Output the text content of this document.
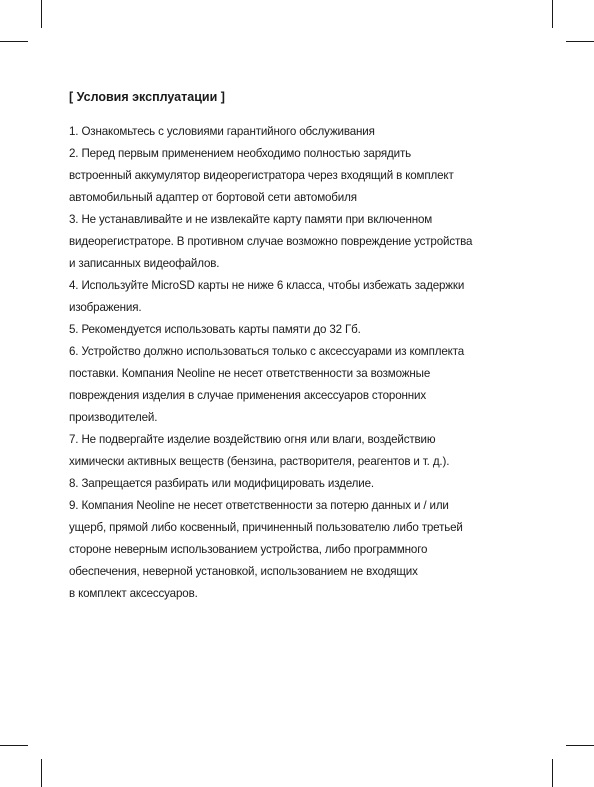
[ Условия эксплуатации ]

1. Ознакомьтесь с условиями гарантийного обслуживания

2. Перед первым применением необходимо полностью зарядить
встроенный аккумулятор видеорегистратора через входящий в комплект
автомобильный адаптер от бортовой сети автомобиля

3. Не устанавливайте и не извлекайте карту памяти при включенном
видеорегистраторе. В противном случае возможно повреждение устройства
и записанных видеофайлов.

4. Используйте MicroSD карты не ниже 6 класса, чтобы избежать задержки
изображения.

5. Рекомендуется использовать карты памяти до 32 Гб.

6. Устройство должно использоваться только с аксессуарами из комплекта
поставки. Компания Neoline не несет ответственности за возможные
повреждения изделия в случае применения аксессуаров сторонних
производителей.

7. Не подвергайте изделие воздействию огня или влаги, воздействию
химически активных веществ (бензина, растворителя, реагентов и т. д.).

8. Запрещается разбирать или модифицировать изделие.

9. Компания Neoline не несет ответственности за потерю данных и / или
ущерб, прямой либо косвенный, причиненный пользователю либо третьей
стороне неверным использованием устройства, либо программного
обеспечения, неверной установкой, использованием не входящих
в комплект аксессуаров.
